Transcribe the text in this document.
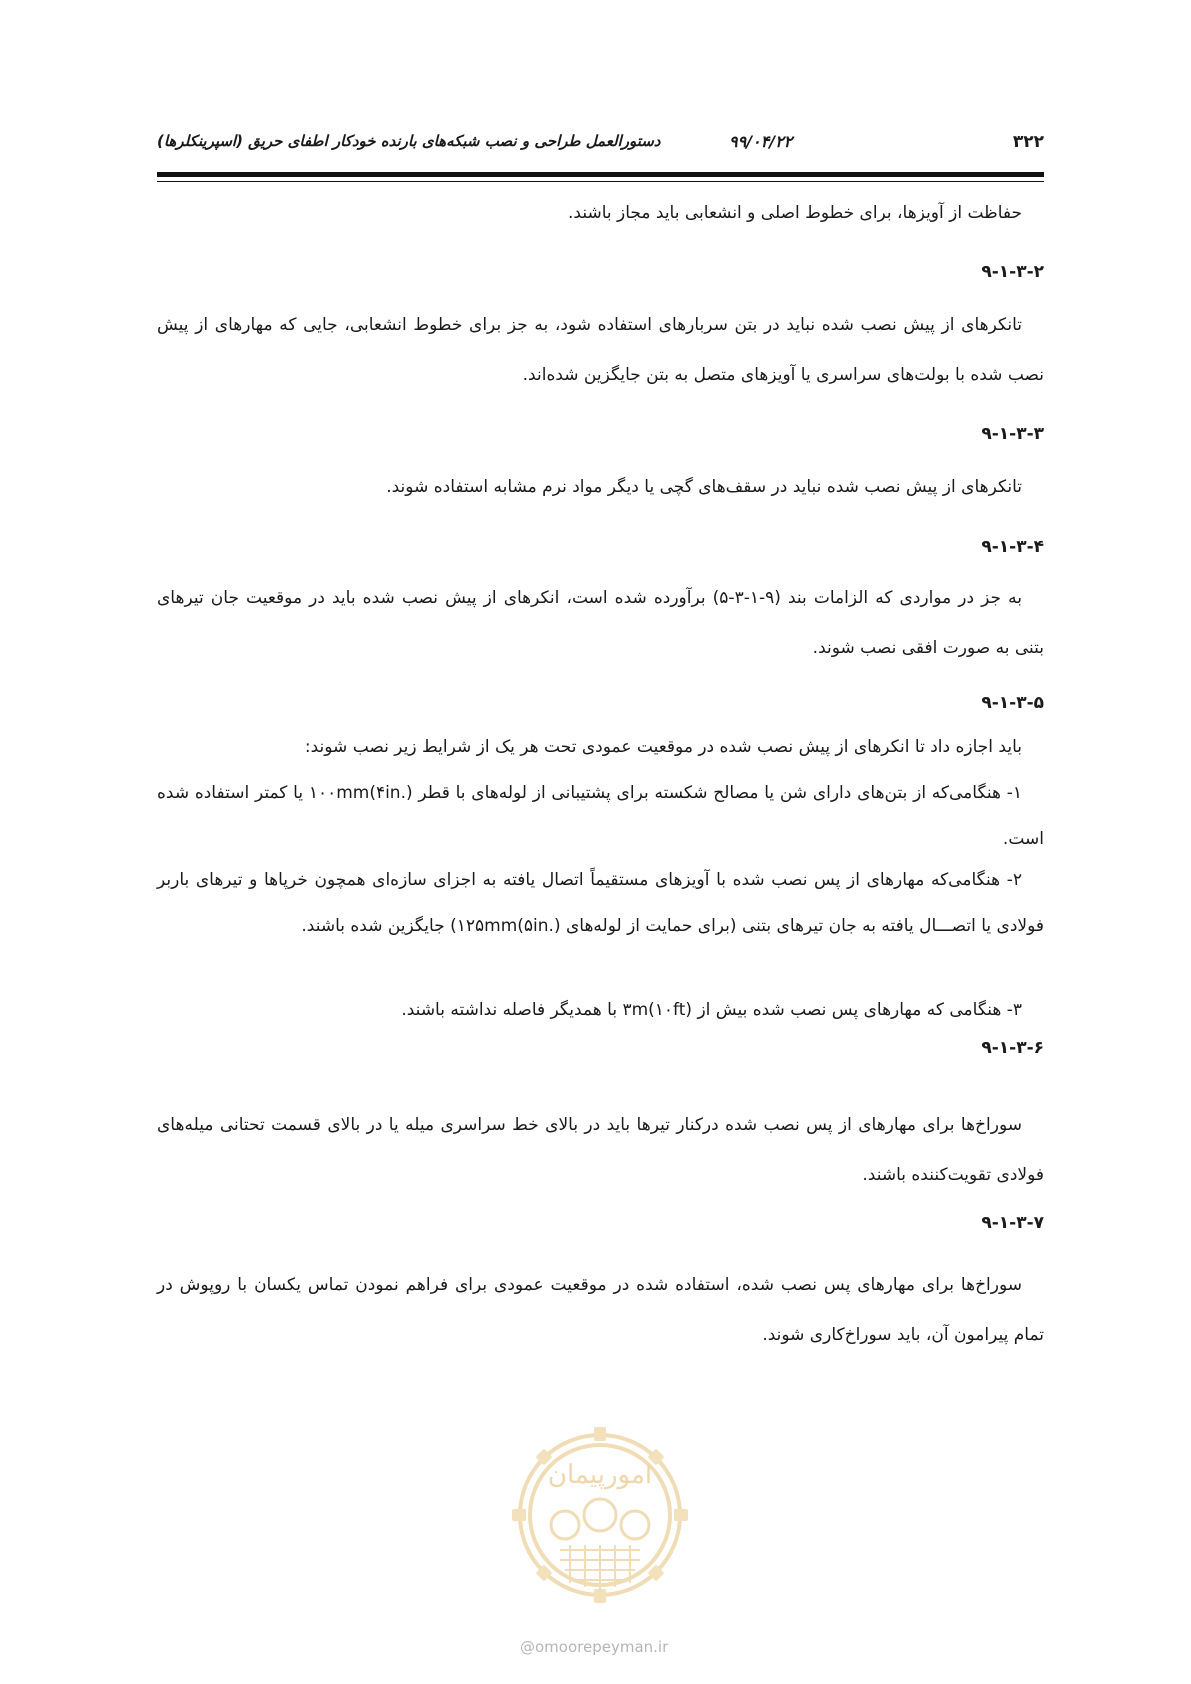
۳۲۲
۹۹/۰۴/۲۲
دستورالعمل طراحی و نصب شبکه‌های بارنده خودکار اطفای حریق (اسپرینکلرها)
حفاظت از آویزها، برای خطوط اصلی و انشعابی باید مجاز باشند.
۹-۱-۳-۲
تانکرهای از پیش نصب شده نباید در بتن سربارهای استفاده شود، به جز برای خطوط انشعابی، جایی که مهارهای از پیش نصب شده با بولت‌های سراسری یا آویزهای متصل به بتن جایگزین شده‌اند.
۹-۱-۳-۳
تانکرهای از پیش نصب شده نباید در سقف‌های گچی یا دیگر مواد نرم مشابه استفاده شوند.
۹-۱-۳-۴
به جز در مواردی که الزامات بند (۹-۱-۳-۵) برآورده شده است، انکرهای از پیش نصب شده باید در موقعیت جان تیرهای بتنی به صورت افقی نصب شوند.
۹-۱-۳-۵
باید اجازه داد تا انکرهای از پیش نصب شده در موقعیت عمودی تحت هر یک از شرایط زیر نصب شوند:
۱- هنگامی‌که از بتن‌های دارای شن یا مصالح شکسته برای پشتیبانی از لوله‌های با قطر ۱۰۰mm(۴in.) یا کمتر استفاده شده است.
۲- هنگامی‌که مهارهای از پس نصب شده با آویزهای مستقیماً اتصال یافته به اجزای سازه‌ای همچون خرپاها و تیرهای باربر فولادی یا اتصـــال یافته به جان تیرهای بتنی (برای حمایت از لوله‌های ۱۲۵mm(۵in.)) جایگزین شده باشند.
۳- هنگامی که مهارهای پس نصب شده بیش از ۳m(۱۰ft) با همدیگر فاصله نداشته باشند.
۹-۱-۳-۶
سوراخ‌ها برای مهارهای از پس نصب شده درکنار تیرها باید در بالای خط سراسری میله یا در بالای قسمت تحتانی میله‌های فولادی تقویت‌کننده باشند.
۹-۱-۳-۷
سوراخ‌ها برای مهارهای پس نصب شده، استفاده شده در موقعیت عمودی برای فراهم نمودن تماس یکسان با روپوش در تمام پیرامون آن، باید سوراخ‌کاری شوند.
امورپیمان
@omoorepeyman.ir
